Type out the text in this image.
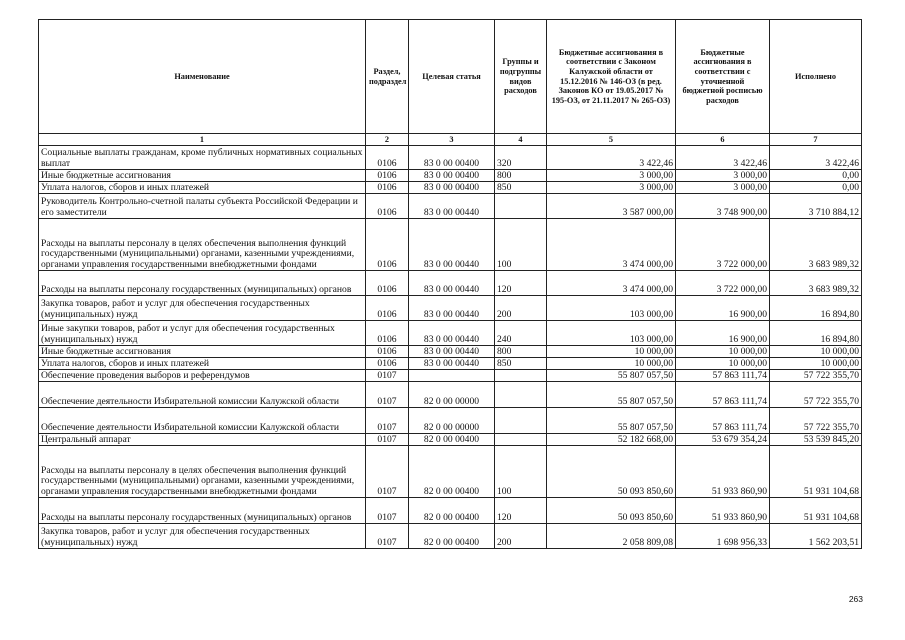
Наименование	Раздел, подраздел	Целевая статья	Группы и подгруппы видов расходов	Бюджетные ассигнования в соответствии с Законом Калужской области от 15.12.2016 № 146-ОЗ (в ред. Законов КО от 19.05.2017 № 195-ОЗ, от 21.11.2017 № 265-ОЗ)	Бюджетные ассигнования в соответствии с уточненной бюджетной росписью расходов	Исполнено
1	2	3	4	5	6	7
Социальные выплаты гражданам, кроме публичных нормативных социальных выплат	0106	83 0 00 00400	320	3 422,46	3 422,46	3 422,46
Иные бюджетные ассигнования	0106	83 0 00 00400	800	3 000,00	3 000,00	0,00
Уплата налогов, сборов и иных платежей	0106	83 0 00 00400	850	3 000,00	3 000,00	0,00
Руководитель Контрольно-счетной палаты субъекта Российской Федерации и его заместители	0106	83 0 00 00440		3 587 000,00	3 748 900,00	3 710 884,12
Расходы на выплаты персоналу в целях обеспечения выполнения функций государственными (муниципальными) органами, казенными учреждениями, органами управления государственными внебюджетными фондами	0106	83 0 00 00440	100	3 474 000,00	3 722 000,00	3 683 989,32
Расходы на выплаты персоналу государственных (муниципальных) органов	0106	83 0 00 00440	120	3 474 000,00	3 722 000,00	3 683 989,32
Закупка товаров, работ и услуг для обеспечения государственных (муниципальных) нужд	0106	83 0 00 00440	200	103 000,00	16 900,00	16 894,80
Иные закупки товаров, работ и услуг для обеспечения государственных (муниципальных) нужд	0106	83 0 00 00440	240	103 000,00	16 900,00	16 894,80
Иные бюджетные ассигнования	0106	83 0 00 00440	800	10 000,00	10 000,00	10 000,00
Уплата налогов, сборов и иных платежей	0106	83 0 00 00440	850	10 000,00	10 000,00	10 000,00
Обеспечение проведения выборов и референдумов	0107			55 807 057,50	57 863 111,74	57 722 355,70
Обеспечение деятельности Избирательной комиссии Калужской области	0107	82 0 00 00000		55 807 057,50	57 863 111,74	57 722 355,70
Обеспечение деятельности Избирательной комиссии Калужской области	0107	82 0 00 00000		55 807 057,50	57 863 111,74	57 722 355,70
Центральный аппарат	0107	82 0 00 00400		52 182 668,00	53 679 354,24	53 539 845,20
Расходы на выплаты персоналу в целях обеспечения выполнения функций государственными (муниципальными) органами, казенными учреждениями, органами управления государственными внебюджетными фондами	0107	82 0 00 00400	100	50 093 850,60	51 933 860,90	51 931 104,68
Расходы на выплаты персоналу государственных (муниципальных) органов	0107	82 0 00 00400	120	50 093 850,60	51 933 860,90	51 931 104,68
Закупка товаров, работ и услуг для обеспечения государственных (муниципальных) нужд	0107	82 0 00 00400	200	2 058 809,08	1 698 956,33	1 562 203,51
263
